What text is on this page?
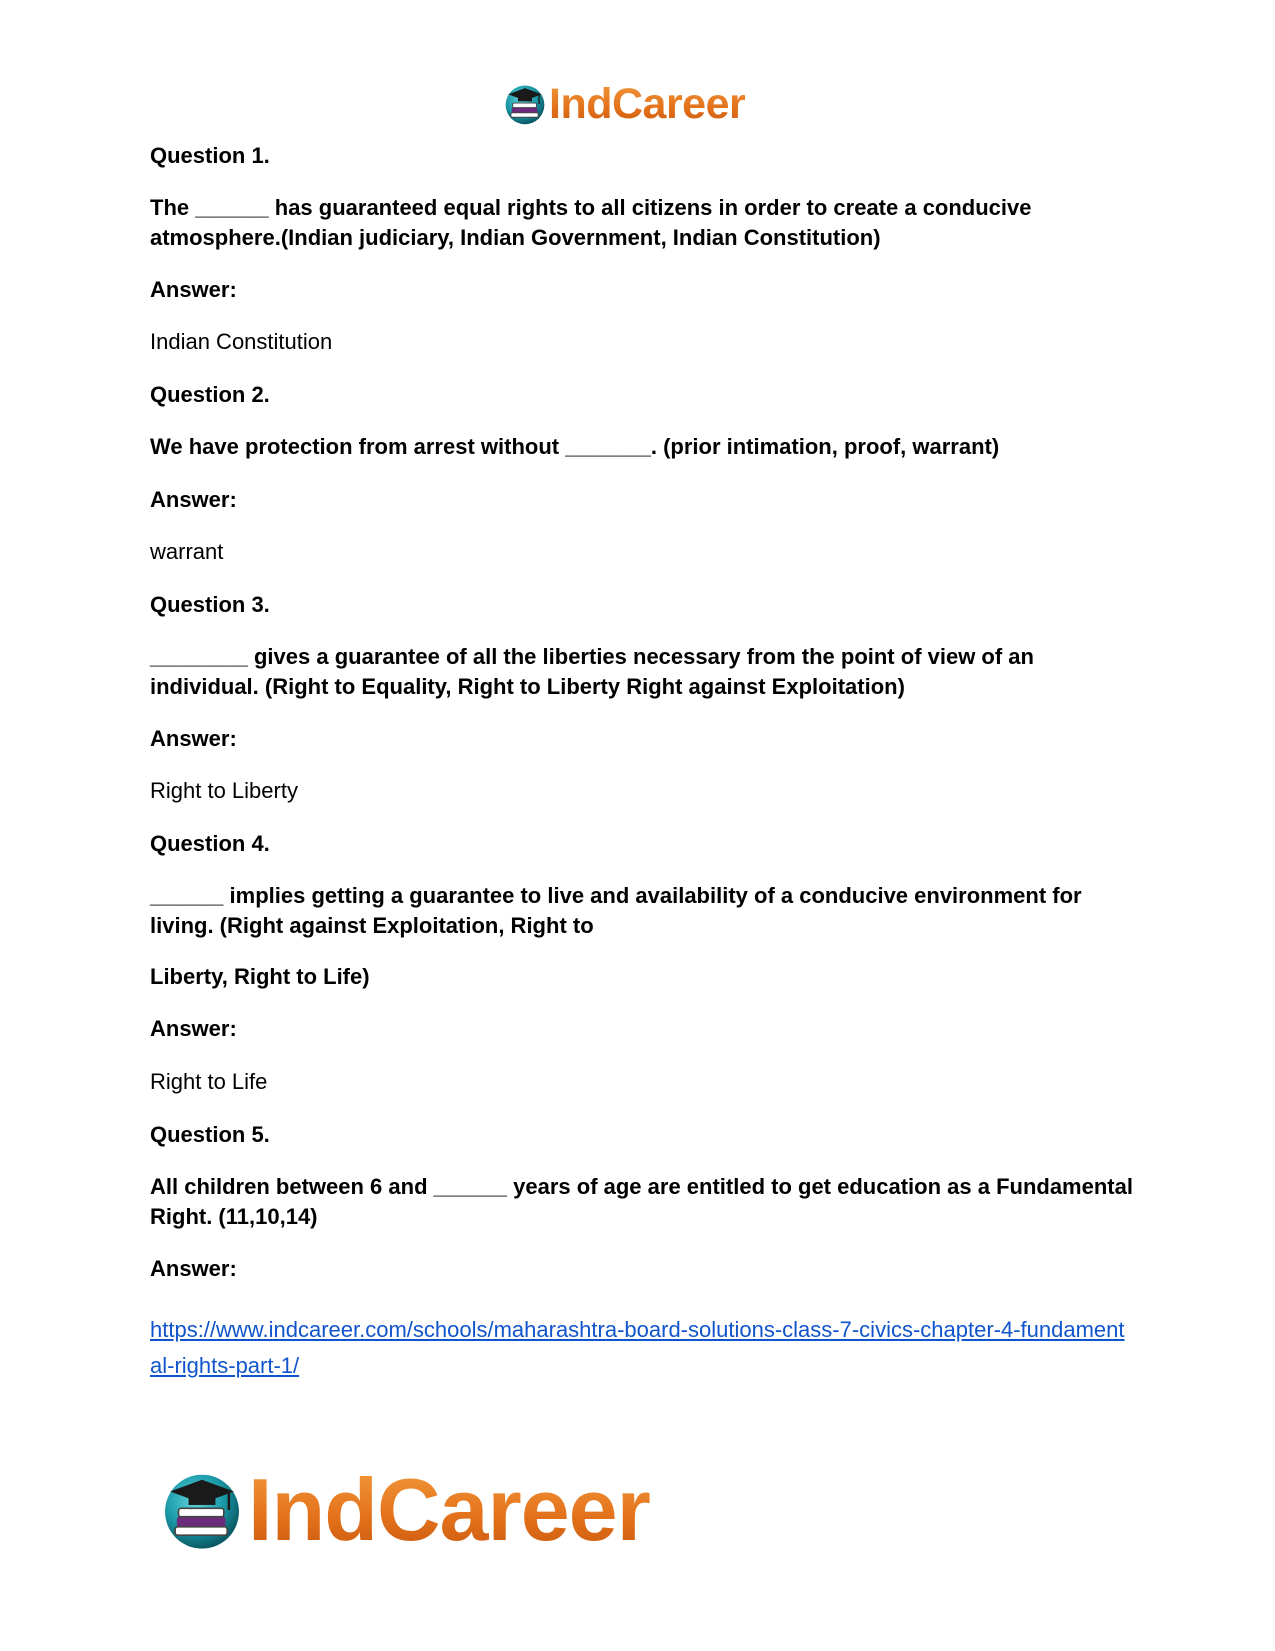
IndCareer
Question 1.
The ______ has guaranteed equal rights to all citizens in order to create a conducive atmosphere.(Indian judiciary, Indian Government, Indian Constitution)
Answer:
Indian Constitution
Question 2.
We have protection from arrest without _______. (prior intimation, proof, warrant)
Answer:
warrant
Question 3.
________ gives a guarantee of all the liberties necessary from the point of view of an individual. (Right to Equality, Right to Liberty Right against Exploitation)
Answer:
Right to Liberty
Question 4.
______ implies getting a guarantee to live and availability of a conducive environment for living. (Right against Exploitation, Right to
Liberty, Right to Life)
Answer:
Right to Life
Question 5.
All children between 6 and ______ years of age are entitled to get education as a Fundamental Right. (11,10,14)
Answer:
https://www.indcareer.com/schools/maharashtra-board-solutions-class-7-civics-chapter-4-fundamental-rights-part-1/
IndCareer
